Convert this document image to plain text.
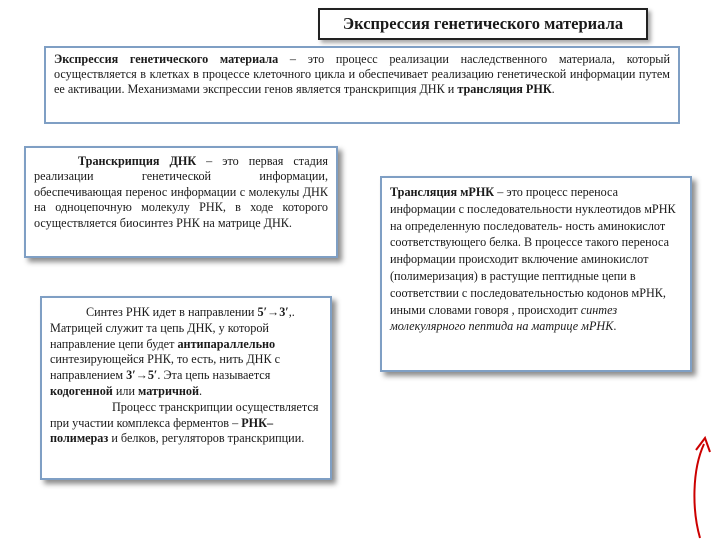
Экспрессия генетического материала

Экспрессия генетического материала – это процесс реализации наследственного материала, который осуществляется в клетках в процессе клеточного цикла и обеспечивает реализацию генетической информации путем ее активации. Механизмами экспрессии генов является транскрипция ДНК и трансляция РНК.

Транскрипция ДНК – это первая стадия реализации генетической информации, обеспечивающая перенос информации с молекулы ДНК на одноцепочную молекулу РНК, в ходе которого осуществляется биосинтез РНК на матрице ДНК.

Синтез РНК идет в направлении 5′→3′,. Матрицей служит та цепь ДНК, у которой направление цепи будет антипараллельно синтезирующейся РНК, то есть, нить ДНК с направлением 3′→5′. Эта цепь называется кодогенной или матричной.

Процесс транскрипции осуществляется при участии комплекса ферментов – РНК–полимераз и белков, регуляторов транскрипции.

Трансляция мРНК – это процесс переноса информации с последовательности нуклеотидов мРНК на определенную последователь- ность аминокислот соответствующего белка. В процессе такого переноса информации происходит включение аминокислот (полимеризация) в растущие пептидные цепи в соответствии с последовательностью кодонов мРНК, иными словами говоря , происходит синтез молекулярного пептида на матрице мРНК.
